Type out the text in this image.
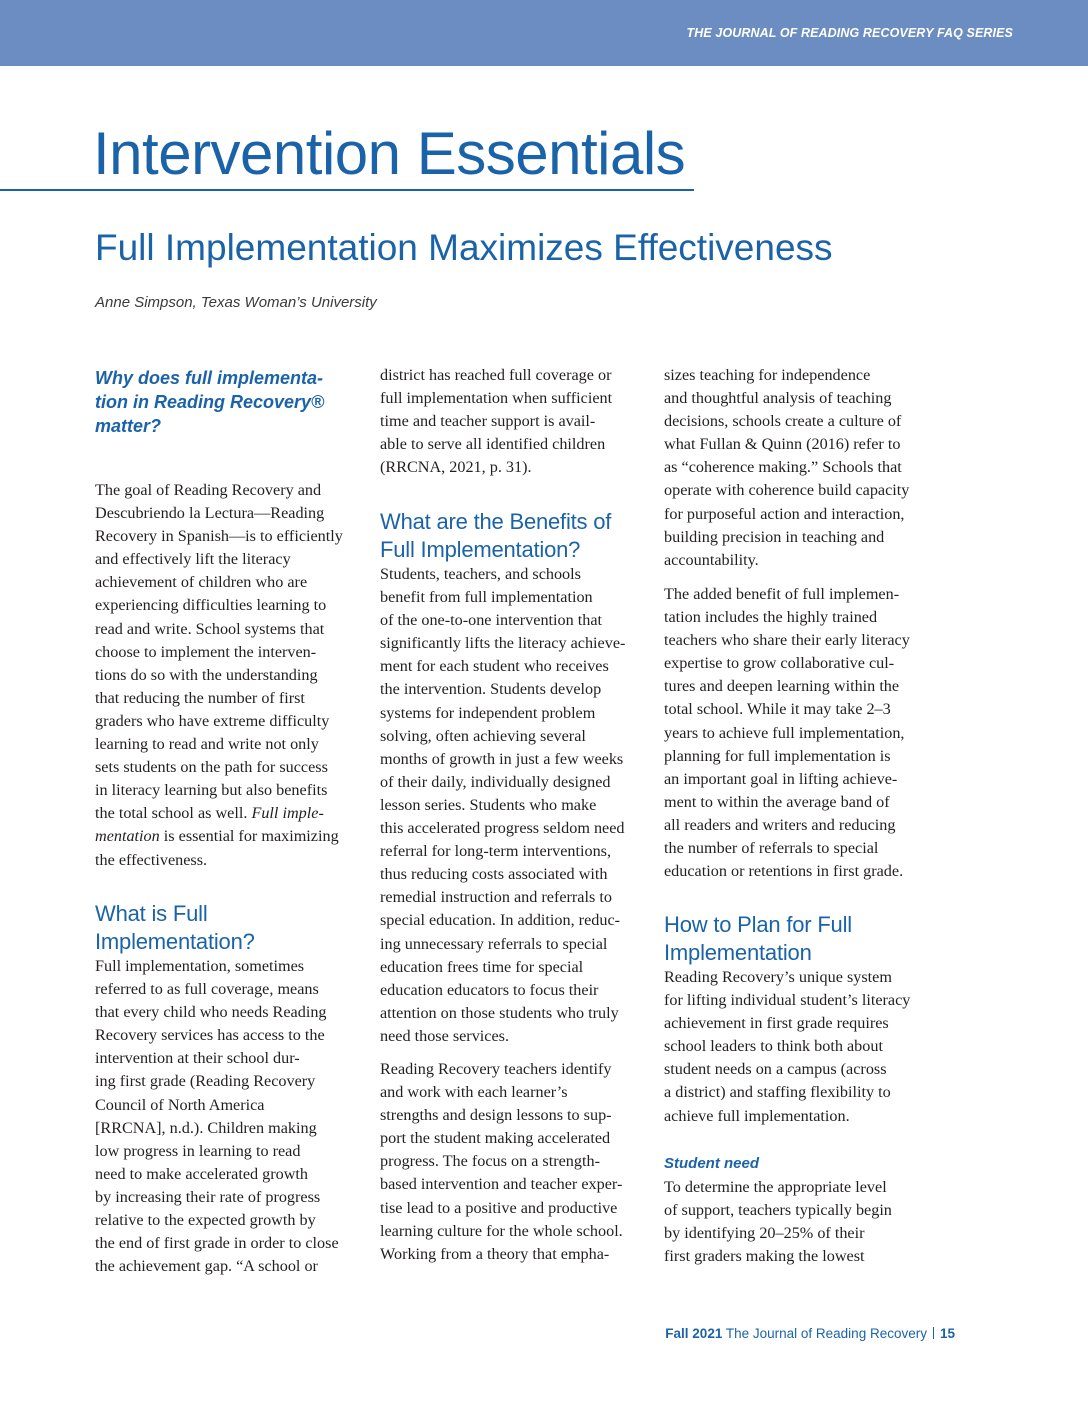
THE JOURNAL OF READING RECOVERY FAQ SERIES
Intervention Essentials
Full Implementation Maximizes Effectiveness

Anne Simpson, Texas Woman’s University

Why does full implementa-
tion in Reading Recovery®
matter?

The goal of Reading Recovery and
Descubriendo la Lectura—Reading
Recovery in Spanish—is to efficiently
and effectively lift the literacy
achievement of children who are
experiencing difficulties learning to
read and write. School systems that
choose to implement the interven-
tions do so with the understanding
that reducing the number of first
graders who have extreme difficulty
learning to read and write not only
sets students on the path for success
in literacy learning but also benefits
the total school as well. Full imple-
mentation is essential for maximizing
the effectiveness.

What is Full
Implementation?

Full implementation, sometimes
referred to as full coverage, means
that every child who needs Reading
Recovery services has access to the
intervention at their school dur-
ing first grade (Reading Recovery
Council of North America
[RRCNA], n.d.). Children making
low progress in learning to read
need to make accelerated growth
by increasing their rate of progress
relative to the expected growth by
the end of first grade in order to close
the achievement gap. “A school or

district has reached full coverage or
full implementation when sufficient
time and teacher support is avail-
able to serve all identified children
(RRCNA, 2021, p. 31).

What are the Benefits of
Full Implementation?

Students, teachers, and schools
benefit from full implementation
of the one-to-one intervention that
significantly lifts the literacy achieve-
ment for each student who receives
the intervention. Students develop
systems for independent problem
solving, often achieving several
months of growth in just a few weeks
of their daily, individually designed
lesson series. Students who make
this accelerated progress seldom need
referral for long-term interventions,
thus reducing costs associated with
remedial instruction and referrals to
special education. In addition, reduc-
ing unnecessary referrals to special
education frees time for special
education educators to focus their
attention on those students who truly
need those services.

Reading Recovery teachers identify
and work with each learner’s
strengths and design lessons to sup-
port the student making accelerated
progress. The focus on a strength-
based intervention and teacher exper-
tise lead to a positive and productive
learning culture for the whole school.
Working from a theory that empha-

sizes teaching for independence
and thoughtful analysis of teaching
decisions, schools create a culture of
what Fullan & Quinn (2016) refer to
as “coherence making.” Schools that
operate with coherence build capacity
for purposeful action and interaction,
building precision in teaching and
accountability.

The added benefit of full implemen-
tation includes the highly trained
teachers who share their early literacy
expertise to grow collaborative cul-
tures and deepen learning within the
total school. While it may take 2–3
years to achieve full implementation,
planning for full implementation is
an important goal in lifting achieve-
ment to within the average band of
all readers and writers and reducing
the number of referrals to special
education or retentions in first grade.

How to Plan for Full
Implementation

Reading Recovery’s unique system
for lifting individual student’s literacy
achievement in first grade requires
school leaders to think both about
student needs on a campus (across
a district) and staffing flexibility to
achieve full implementation.

Student need

To determine the appropriate level
of support, teachers typically begin
by identifying 20–25% of their
first graders making the lowest

Fall 2021 The Journal of Reading Recovery 15
